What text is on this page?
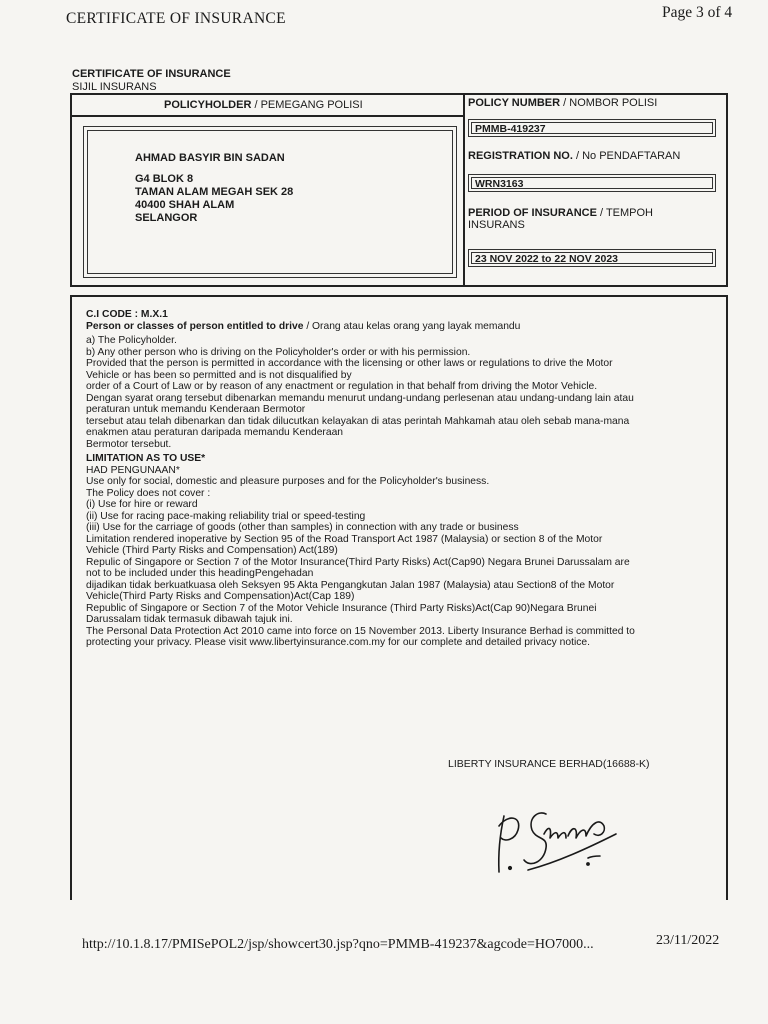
CERTIFICATE OF INSURANCE	Page 3 of 4
CERTIFICATE OF INSURANCE
SIJIL INSURANS
POLICYHOLDER / PEMEGANG POLISI
AHMAD BASYIR BIN SADAN
G4 BLOK 8
TAMAN ALAM MEGAH SEK 28
40400 SHAH ALAM
SELANGOR
POLICY NUMBER / NOMBOR POLISI
PMMB-419237
REGISTRATION NO. / No PENDAFTARAN
WRN3163
PERIOD OF INSURANCE / TEMPOH
INSURANS
23 NOV 2022 to 22 NOV 2023

C.I CODE : M.X.1

Person or classes of person entitled to drive / Orang atau kelas orang yang layak memandu

a) The Policyholder.

b) Any other person who is driving on the Policyholder's order or with his permission.

Provided that the person is permitted in accordance with the licensing or other laws or regulations to drive the Motor

Vehicle or has been so permitted and is not disqualified by

order of a Court of Law or by reason of any enactment or regulation in that behalf from driving the Motor Vehicle.

Dengan syarat orang tersebut dibenarkan memandu menurut undang-undang perlesenan atau undang-undang lain atau

peraturan untuk memandu Kenderaan Bermotor

tersebut atau telah dibenarkan dan tidak dilucutkan kelayakan di atas perintah Mahkamah atau oleh sebab mana-mana

enakmen atau peraturan daripada memandu Kenderaan

Bermotor tersebut.

LIMITATION AS TO USE*

HAD PENGUNAAN*

Use only for social, domestic and pleasure purposes and for the Policyholder's business.

The Policy does not cover :

(i) Use for hire or reward

(ii) Use for racing pace-making reliability trial or speed-testing

(iii) Use for the carriage of goods (other than samples) in connection with any trade or business

Limitation rendered inoperative by Section 95 of the Road Transport Act 1987 (Malaysia) or section 8 of the Motor

Vehicle (Third Party Risks and Compensation) Act(189)

Repulic of Singapore or Section 7 of the Motor Insurance(Third Party Risks) Act(Cap90) Negara Brunei Darussalam are

not to be included under this headingPengehadan

dijadikan tidak berkuatkuasa oleh Seksyen 95 Akta Pengangkutan Jalan 1987 (Malaysia) atau Section8 of the Motor

Vehicle(Third Party Risks and Compensation)Act(Cap 189)

Republic of Singapore or Section 7 of the Motor Vehicle Insurance (Third Party Risks)Act(Cap 90)Negara Brunei

Darussalam tidak termasuk dibawah tajuk ini.

The Personal Data Protection Act 2010 came into force on 15 November 2013. Liberty Insurance Berhad is committed to

protecting your privacy. Please visit www.libertyinsurance.com.my for our complete and detailed privacy notice.

LIBERTY INSURANCE BERHAD(16688-K)
http://10.1.8.17/PMISePOL2/jsp/showcert30.jsp?qno=PMMB-419237&agcode=HO7000...	23/11/2022
